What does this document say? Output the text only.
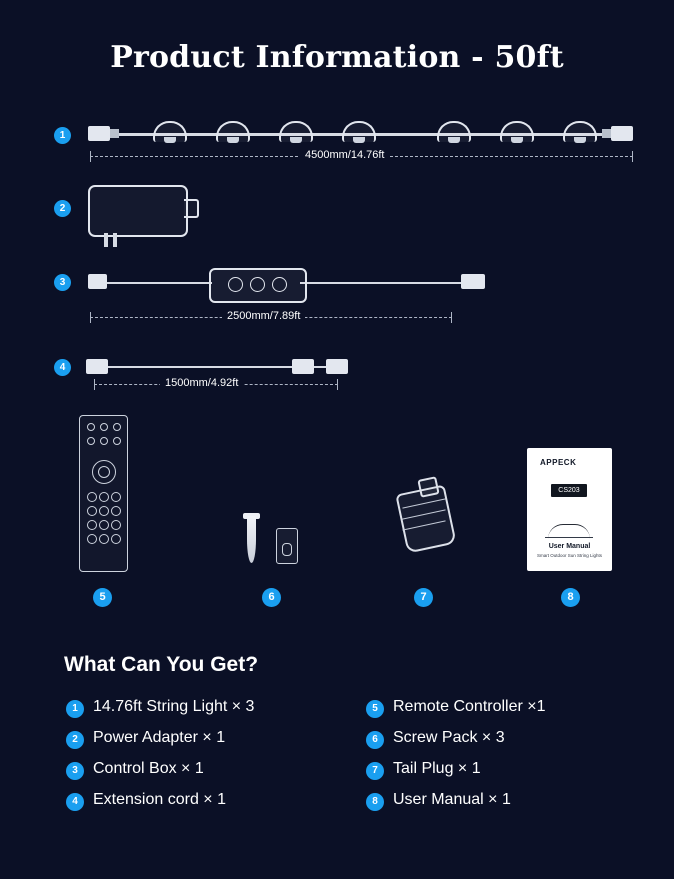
Product Information - 50ft
1
4500mm/14.76ft
2
3
2500mm/7.89ft
4
1500mm/4.92ft
5	6	7
APPECK
CS203
User Manual
Smart Outdoor Sun String Lights
8
What Can You Get?
1 14.76ft String Light × 3
2 Power Adapter × 1
3 Control Box × 1
4 Extension cord × 1
5 Remote Controller ×1
6 Screw Pack × 3
7 Tail Plug × 1
8 User Manual × 1
